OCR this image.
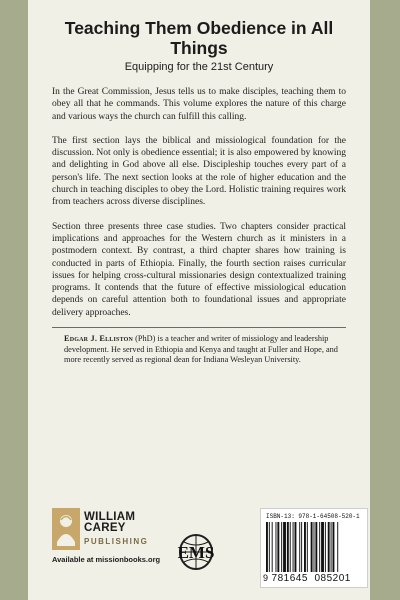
Teaching Them Obedience in All Things

Equipping for the 21st Century

In the Great Commission, Jesus tells us to make disciples, teaching them to obey all that he commands. This volume explores the nature of this charge and various ways the church can fulfill this calling.

The first section lays the biblical and missiological foundation for the discussion. Not only is obedience essential; it is also empowered by knowing and delighting in God above all else. Discipleship touches every part of a person's life. The next section looks at the role of higher education and the church in teaching disciples to obey the Lord. Holistic training requires work from teachers across diverse disciplines.

Section three presents three case studies. Two chapters consider practical implications and approaches for the Western church as it ministers in a postmodern context. By contrast, a third chapter shares how training is conducted in parts of Ethiopia. Finally, the fourth section raises curricular issues for helping cross-cultural missionaries design contextualized training programs. It contends that the future of effective missiological education depends on careful attention both to foundational issues and appropriate delivery approaches.

Edgar J. Elliston (PhD) is a teacher and writer of missiology and leadership development. He served in Ethiopia and Kenya and taught at Fuller and Hope, and more recently served as regional dean for Indiana Wesleyan University.

WILLIAM
CAREY
PUBLISHING
Available at missionbooks.org EMS
ISBN-13: 978-1-64508-520-1
9 781645 085201
